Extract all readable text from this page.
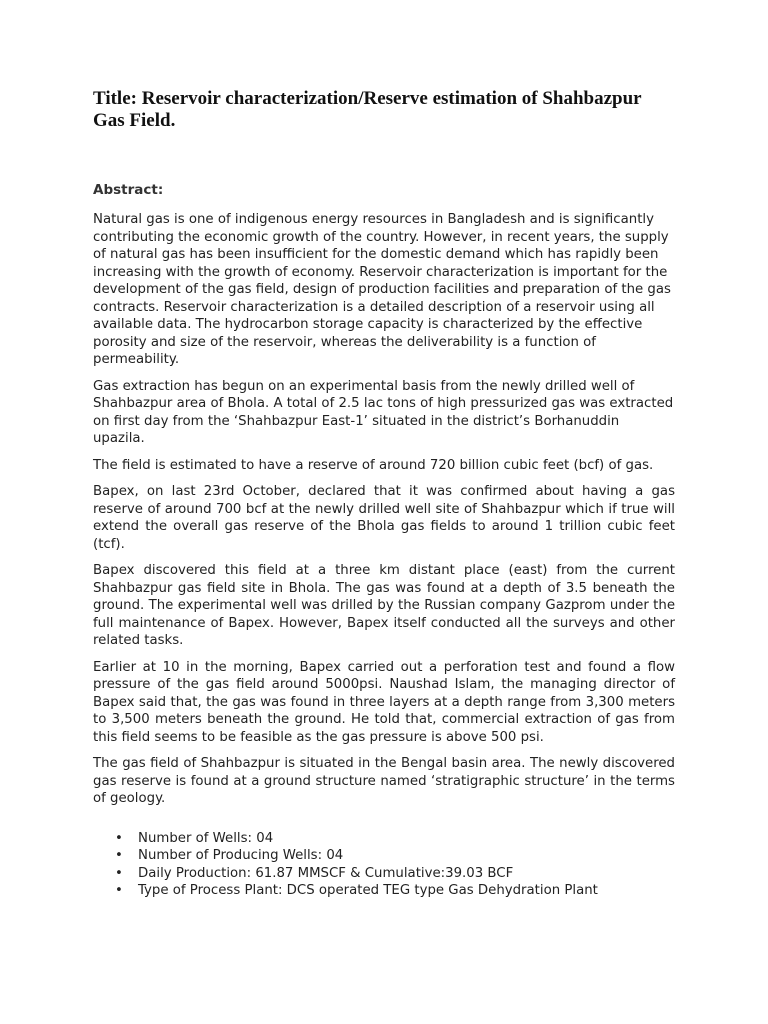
Title: Reservoir characterization/Reserve estimation of Shahbazpur Gas Field.
Abstract:

Natural gas is one of indigenous energy resources in Bangladesh and is significantly contributing the economic growth of the country. However, in recent years, the supply of natural gas has been insufficient for the domestic demand which has rapidly been increasing with the growth of economy. Reservoir characterization is important for the development of the gas field, design of production facilities and preparation of the gas contracts. Reservoir characterization is a detailed description of a reservoir using all available data. The hydrocarbon storage capacity is characterized by the effective porosity and size of the reservoir, whereas the deliverability is a function of permeability.

Gas extraction has begun on an experimental basis from the newly drilled well of Shahbazpur area of Bhola. A total of 2.5 lac tons of high pressurized gas was extracted on first day from the ‘Shahbazpur East-1’ situated in the district’s Borhanuddin upazila.

The field is estimated to have a reserve of around 720 billion cubic feet (bcf) of gas.

Bapex, on last 23rd October, declared that it was confirmed about having a gas reserve of around 700 bcf at the newly drilled well site of Shahbazpur which if true will extend the overall gas reserve of the Bhola gas fields to around 1 trillion cubic feet (tcf).

Bapex discovered this field at a three km distant place (east) from the current Shahbazpur gas field site in Bhola. The gas was found at a depth of 3.5 beneath the ground. The experimental well was drilled by the Russian company Gazprom under the full maintenance of Bapex. However, Bapex itself conducted all the surveys and other related tasks.

Earlier at 10 in the morning, Bapex carried out a perforation test and found a flow pressure of the gas field around 5000psi. Naushad Islam, the managing director of Bapex said that, the gas was found in three layers at a depth range from 3,300 meters to 3,500 meters beneath the ground. He told that, commercial extraction of gas from this field seems to be feasible as the gas pressure is above 500 psi.

The gas field of Shahbazpur is situated in the Bengal basin area. The newly discovered gas reserve is found at a ground structure named ‘stratigraphic structure’ in the terms of geology.

• Number of Wells: 04
• Number of Producing Wells: 04
• Daily Production: 61.87 MMSCF & Cumulative:39.03 BCF
• Type of Process Plant: DCS operated TEG type Gas Dehydration Plant
